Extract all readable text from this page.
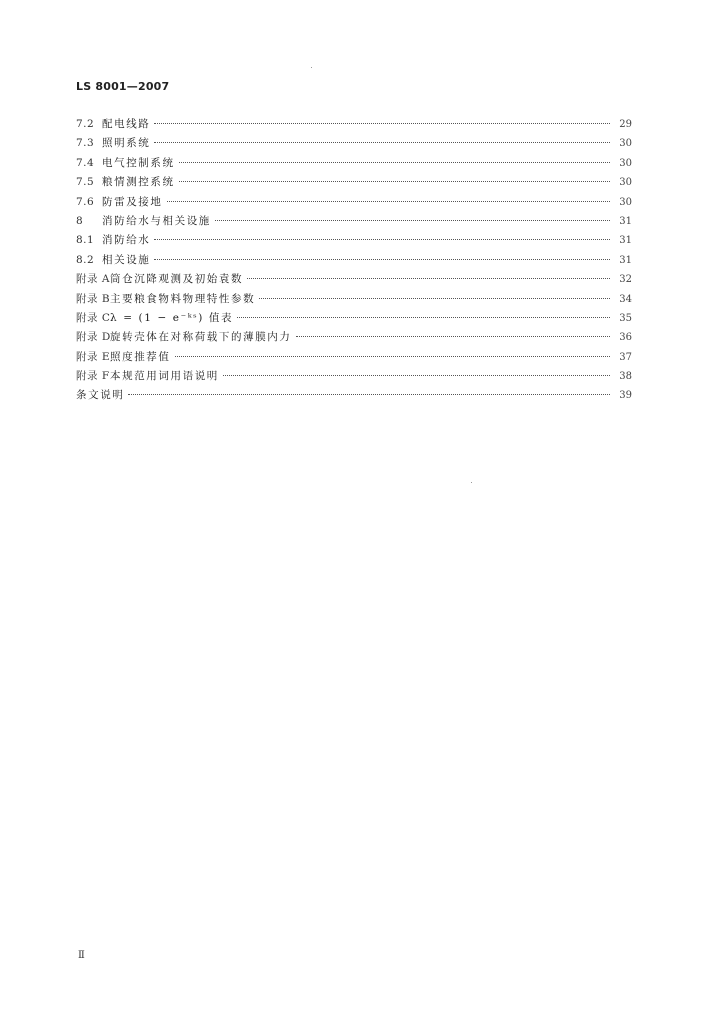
LS 8001—2007
7.2 配电线路	29
7.3 照明系统	30
7.4 电气控制系统	30
7.5 粮情测控系统	30
7.6 防雷及接地	30
8	消防给水与相关设施	31
8.1 消防给水	31
8.2 相关设施	31
附录 A 筒仓沉降观测及初始袁数	32
附录 B 主要粮食物料物理特性参数	34
附录 C λ = (1 − e⁻ᵏˢ) 值表	35
附录 D 旋转壳体在对称荷载下的薄膜内力	36
附录 E 照度推荐值	37
附录 F 本规范用词用语说明	38
条文说明	39
Ⅱ
